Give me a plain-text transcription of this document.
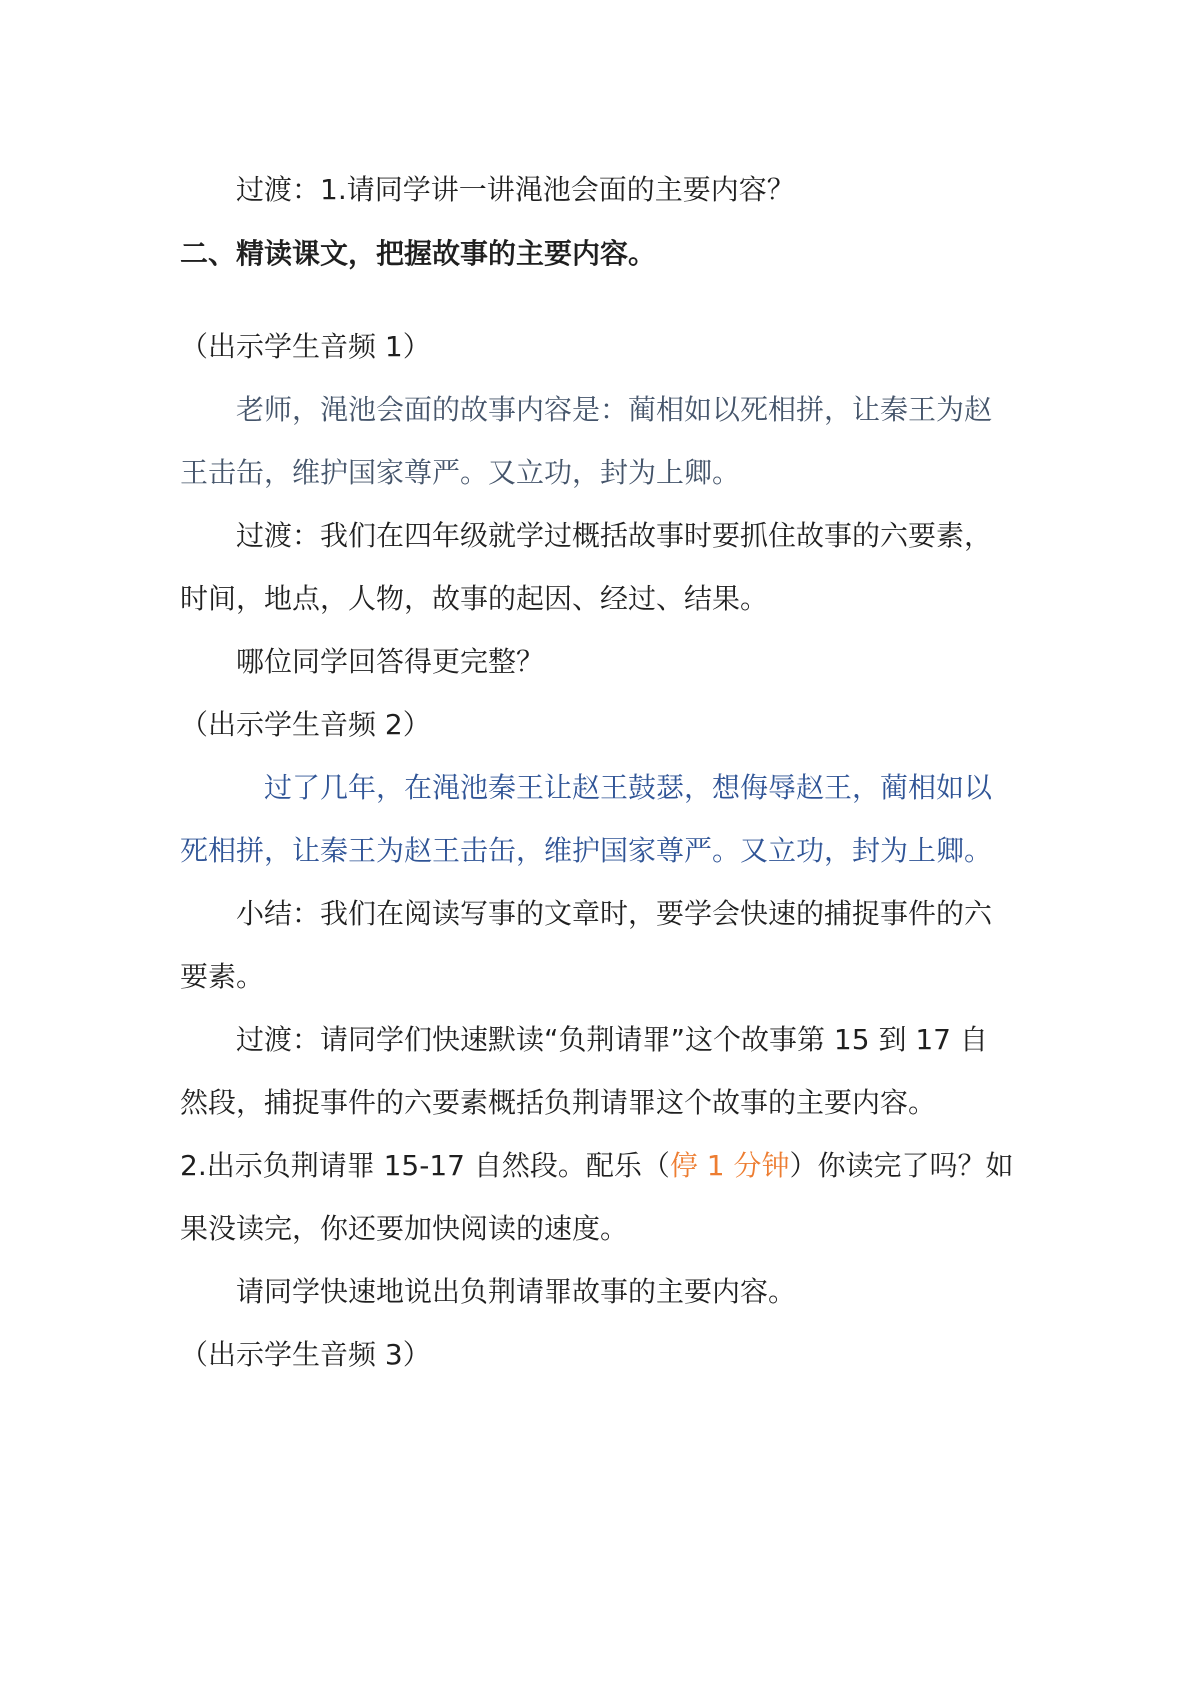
过渡：1.请同学讲一讲渑池会面的主要内容？
二、精读课文，把握故事的主要内容。
（出示学生音频 1）
老师，渑池会面的故事内容是：蔺相如以死相拼，让秦王为赵
王击缶，维护国家尊严。又立功，封为上卿。
过渡：我们在四年级就学过概括故事时要抓住故事的六要素，
时间，地点，人物，故事的起因、经过、结果。
哪位同学回答得更完整？
（出示学生音频 2）
过了几年，在渑池秦王让赵王鼓瑟，想侮辱赵王，蔺相如以
死相拼，让秦王为赵王击缶，维护国家尊严。又立功，封为上卿。
小结：我们在阅读写事的文章时，要学会快速的捕捉事件的六
要素。
过渡：请同学们快速默读“负荆请罪”这个故事第 15 到 17 自
然段，捕捉事件的六要素概括负荆请罪这个故事的主要内容。
2.出示负荆请罪 15-17 自然段。配乐（停 1 分钟）你读完了吗？如
果没读完，你还要加快阅读的速度。
请同学快速地说出负荆请罪故事的主要内容。
（出示学生音频 3）
